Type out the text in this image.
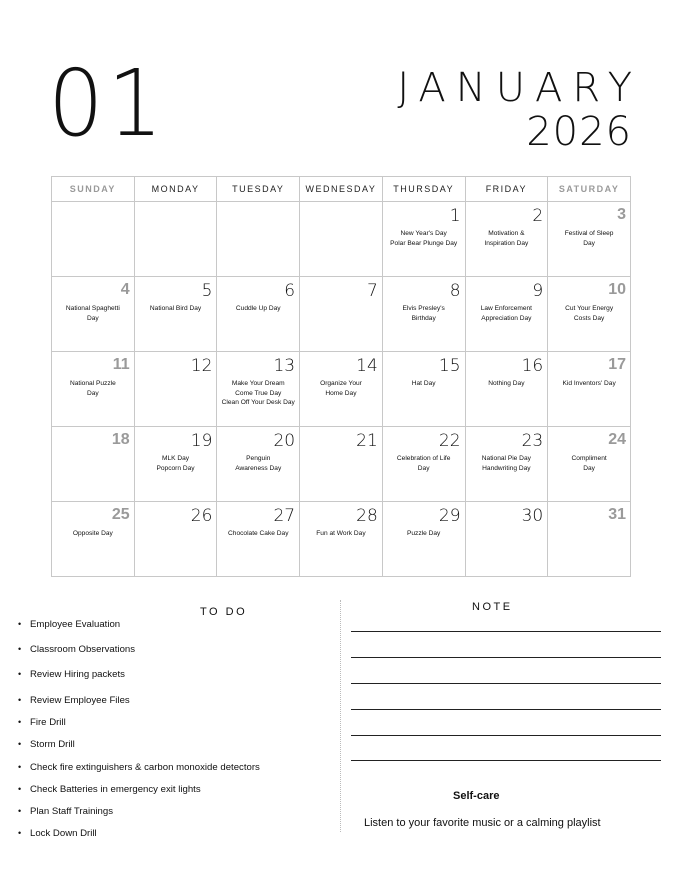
01	JANUARY
2026
SUNDAY	MONDAY	TUESDAY	WEDNESDAY	THURSDAY	FRIDAY	SATURDAY

				1
New Year's Day
Polar Bear Plunge Day	2
Motivation &
Inspiration Day	3
Festival of Sleep
Day

4
National Spaghetti
Day	5
National Bird Day	6
Cuddle Up Day	7	8
Elvis Presley's
Birthday	9
Law Enforcement
Appreciation Day	10
Cut Your Energy
Costs Day

11
National Puzzle
Day	12	13
Make Your Dream
Come True Day
Clean Off Your Desk Day	14
Organize Your
Home Day	15
Hat Day	16
Nothing Day	17
Kid Inventors' Day

18	19
MLK Day
Popcorn Day	20
Penguin
Awareness Day	21	22
Celebration of Life
Day	23
National Pie Day
Handwriting Day	24
Compliment
Day

25
Opposite Day	26	27
Chocolate Cake Day	28
Fun at Work Day	29
Puzzle Day	30	31
TO DO
• Employee Evaluation
• Classroom Observations
• Review Hiring packets
• Review Employee Files
• Fire Drill
• Storm Drill
• Check fire extinguishers & carbon monoxide detectors
• Check Batteries in emergency exit lights
• Plan Staff Trainings
• Lock Down Drill
NOTE
Self-care
Listen to your favorite music or a calming playlist
